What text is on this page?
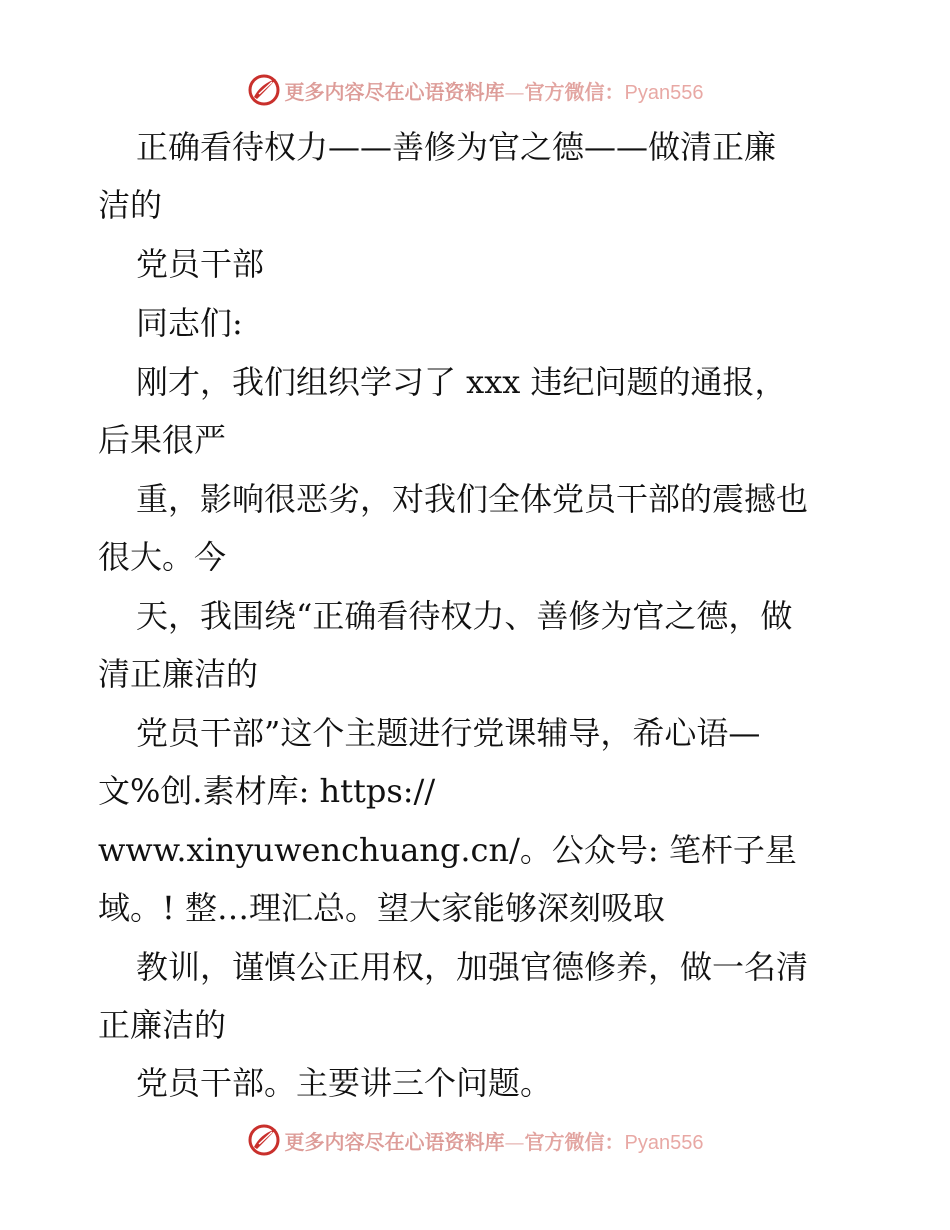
更多内容尽在心语资料库—官方微信：Pyan556
正确看待权力——善修为官之德——做清正廉
洁的
党员干部
同志们:
刚才，我们组织学习了 xxx 违纪问题的通报，
后果很严
重，影响很恶劣，对我们全体党员干部的震撼也
很大。今
天，我围绕“正确看待权力、善修为官之德，做
清正廉洁的
党员干部”这个主题进行党课辅导，希心语—
文%创.素材库: https://
www.xinyuwenchuang.cn/。公众号: 笔杆子星
域。! 整…理汇总。望大家能够深刻吸取
教训，谨慎公正用权，加强官德修养，做一名清
正廉洁的
党员干部。主要讲三个问题。
更多内容尽在心语资料库—官方微信：Pyan556
